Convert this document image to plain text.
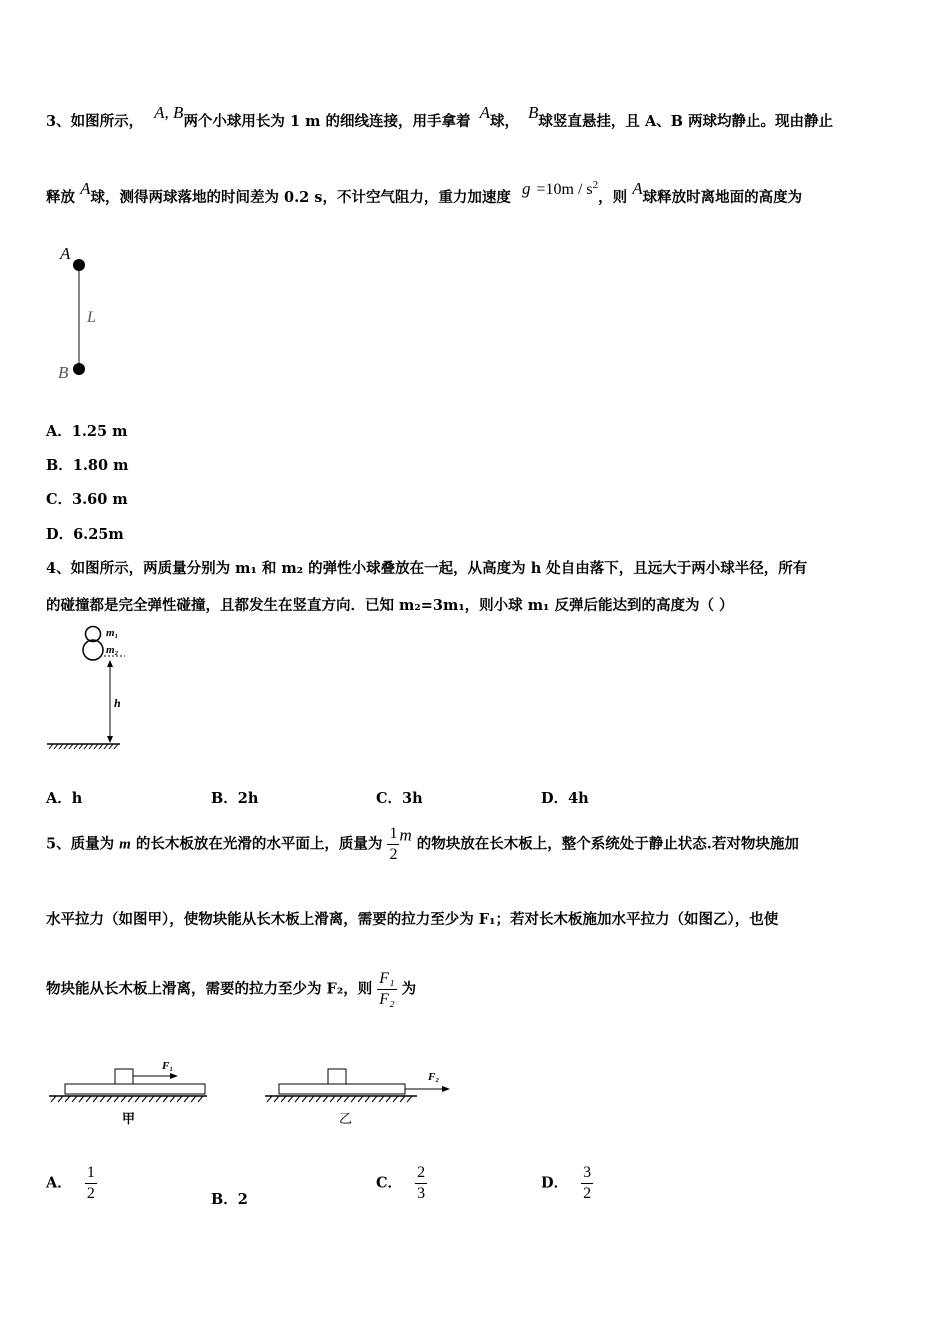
3、如图所示， A, B两个小球用长为 1 m 的细线连接，用手拿着 A球， B球竖直悬挂，且 A、B 两球均静止。现由静止
释放 A球，测得两球落地的时间差为 0.2 s，不计空气阻力，重力加速度 $g =10m / s^2$，则 A球释放时离地面的高度为
A
L
B
A．1.25 m
B．1.80 m
C．3.60 m
D．6.25m
4、如图所示，两质量分别为 m₁ 和 m₂ 的弹性小球叠放在一起，从高度为 h 处自由落下，且远大于两小球半径，所有
的碰撞都是完全弹性碰撞，且都发生在竖直方向．已知 m₂=3m₁，则小球 m₁ 反弹后能达到的高度为（ ）
m₁
m₂
h
A．h	B．2h	C．3h	D．4h
5、质量为 m 的长木板放在光滑的水平面上，质量为 $\frac{1}{2}$ m 的物块放在长木板上，整个系统处于静止状态.若对物块施加
水平拉力（如图甲），使物块能从长木板上滑离，需要的拉力至少为 F₁；若对长木板施加水平拉力（如图乙），也使
物块能从长木板上滑离，需要的拉力至少为 F₂，则 $\frac{\text{F₁}}{\text{F₂}}$ 为
F₁
甲
F₂
乙
A． $\frac{1}{2}$	B．2
C． $\frac{2}{3}$	D． $\frac{3}{2}$
